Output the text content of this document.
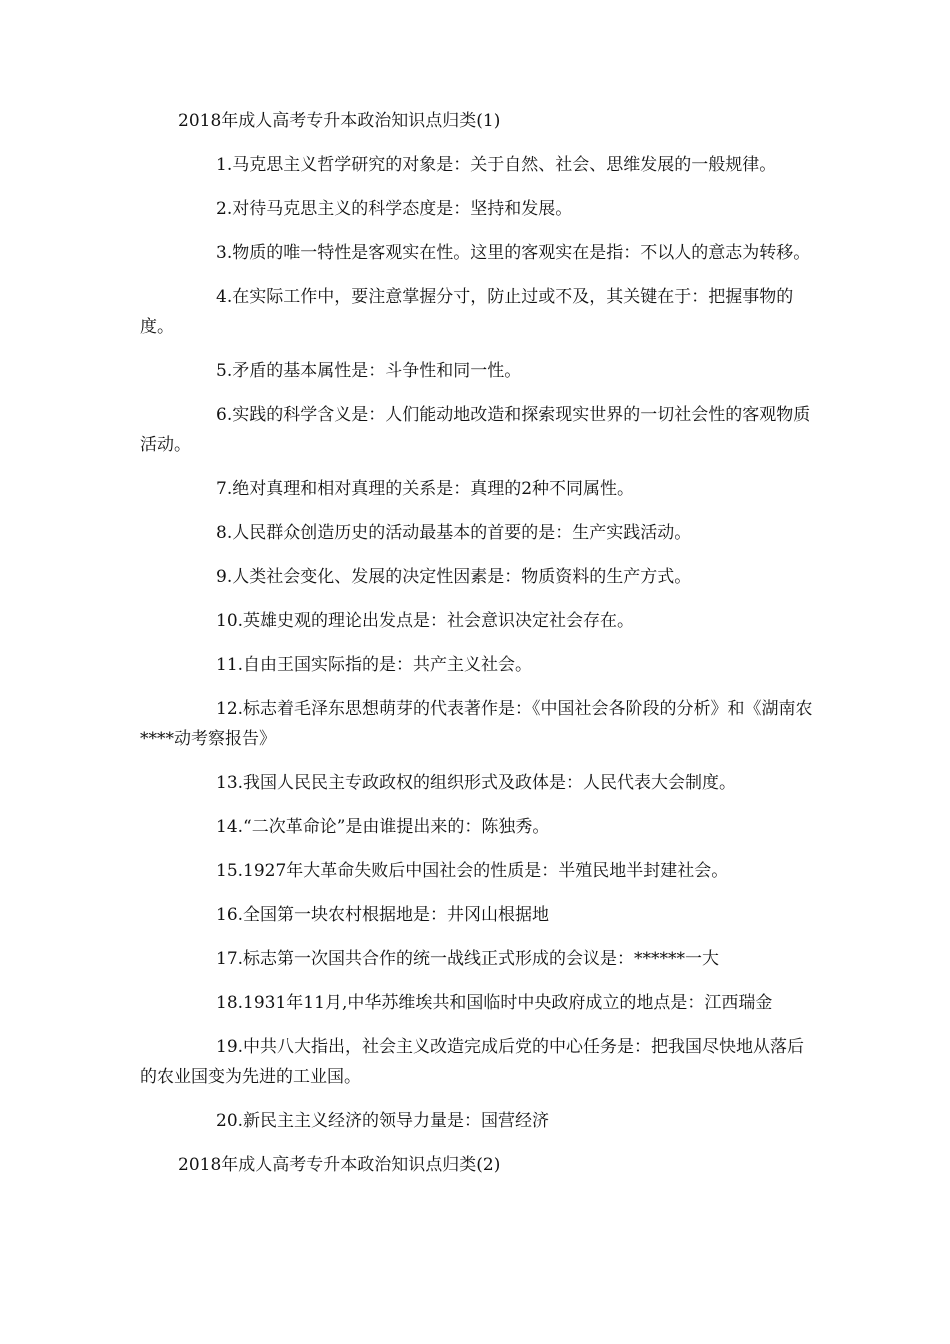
2018年成人高考专升本政治知识点归类(1)

1.马克思主义哲学研究的对象是：关于自然、社会、思维发展的一般规律。

2.对待马克思主义的科学态度是：坚持和发展。

3.物质的唯一特性是客观实在性。这里的客观实在是指：不以人的意志为转移。

4.在实际工作中，要注意掌握分寸，防止过或不及，其关键在于：把握事物的度。

5.矛盾的基本属性是：斗争性和同一性。

6.实践的科学含义是：人们能动地改造和探索现实世界的一切社会性的客观物质活动。

7.绝对真理和相对真理的关系是：真理的2种不同属性。

8.人民群众创造历史的活动最基本的首要的是：生产实践活动。

9.人类社会变化、发展的决定性因素是：物质资料的生产方式。

10.英雄史观的理论出发点是：社会意识决定社会存在。

11.自由王国实际指的是：共产主义社会。

12.标志着毛泽东思想萌芽的代表著作是：《中国社会各阶段的分析》和《湖南农****动考察报告》

13.我国人民民主专政政权的组织形式及政体是：人民代表大会制度。

14.“二次革命论”是由谁提出来的：陈独秀。

15.1927年大革命失败后中国社会的性质是：半殖民地半封建社会。

16.全国第一块农村根据地是：井冈山根据地

17.标志第一次国共合作的统一战线正式形成的会议是：******一大

18.1931年11月,中华苏维埃共和国临时中央政府成立的地点是：江西瑞金

19.中共八大指出，社会主义改造完成后党的中心任务是：把我国尽快地从落后的农业国变为先进的工业国。

20.新民主主义经济的领导力量是：国营经济

2018年成人高考专升本政治知识点归类(2)
